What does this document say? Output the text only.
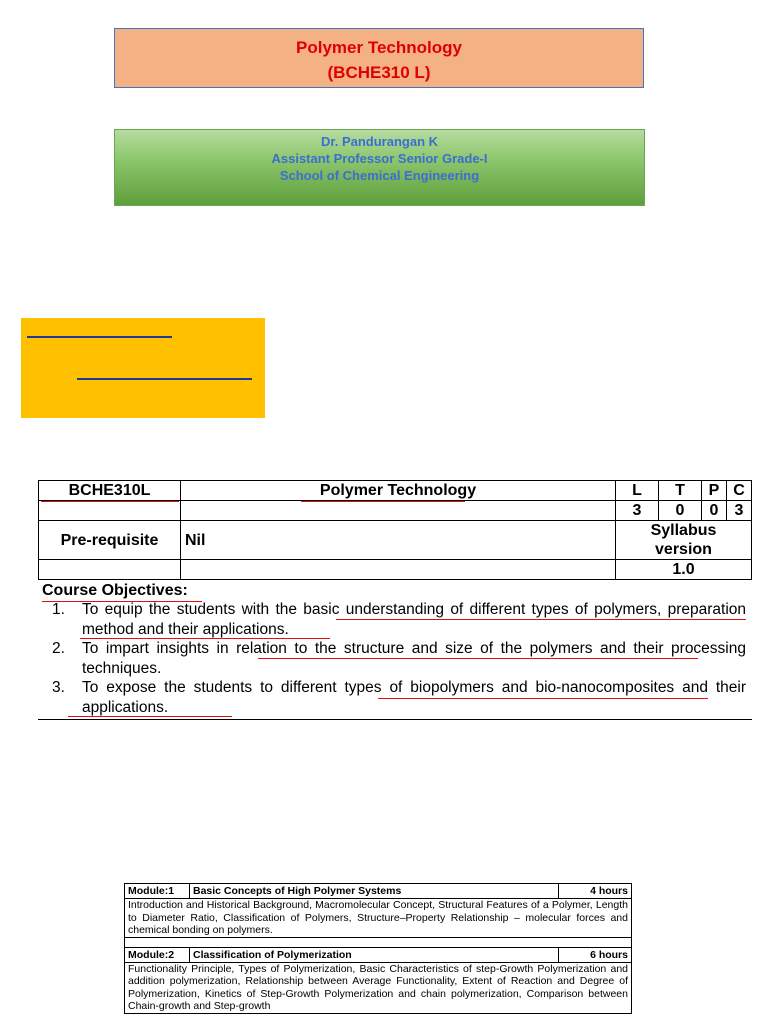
Polymer Technology
(BCHE310 L)
Dr. Pandurangan K
Assistant Professor Senior Grade-I
School of Chemical Engineering
BCHE310L	Polymer Technology	L	T	P	C
		3	0	0	3
Pre-requisite	Nil	Syllabus version			
		1.0			
Course Objectives:
1. To equip the students with the basic understanding of different types of polymers, preparation method and their applications.
2. To impart insights in relation to the structure and size of the polymers and their processing techniques.
3. To expose the students to different types of biopolymers and bio-nanocomposites and their applications.
Module:1	Basic Concepts of High Polymer Systems	4 hours
Introduction and Historical Background, Macromolecular Concept, Structural Features of a Polymer, Length to Diameter Ratio, Classification of Polymers, Structure–Property Relationship – molecular forces and chemical bonding on polymers.		

Module:2	Classification of Polymerization	6 hours
Functionality Principle, Types of Polymerization, Basic Characteristics of step-Growth Polymerization and addition polymerization, Relationship between Average Functionality, Extent of Reaction and Degree of Polymerization, Kinetics of Step-Growth Polymerization and chain polymerization, Comparison between Chain-growth and Step-growth		
